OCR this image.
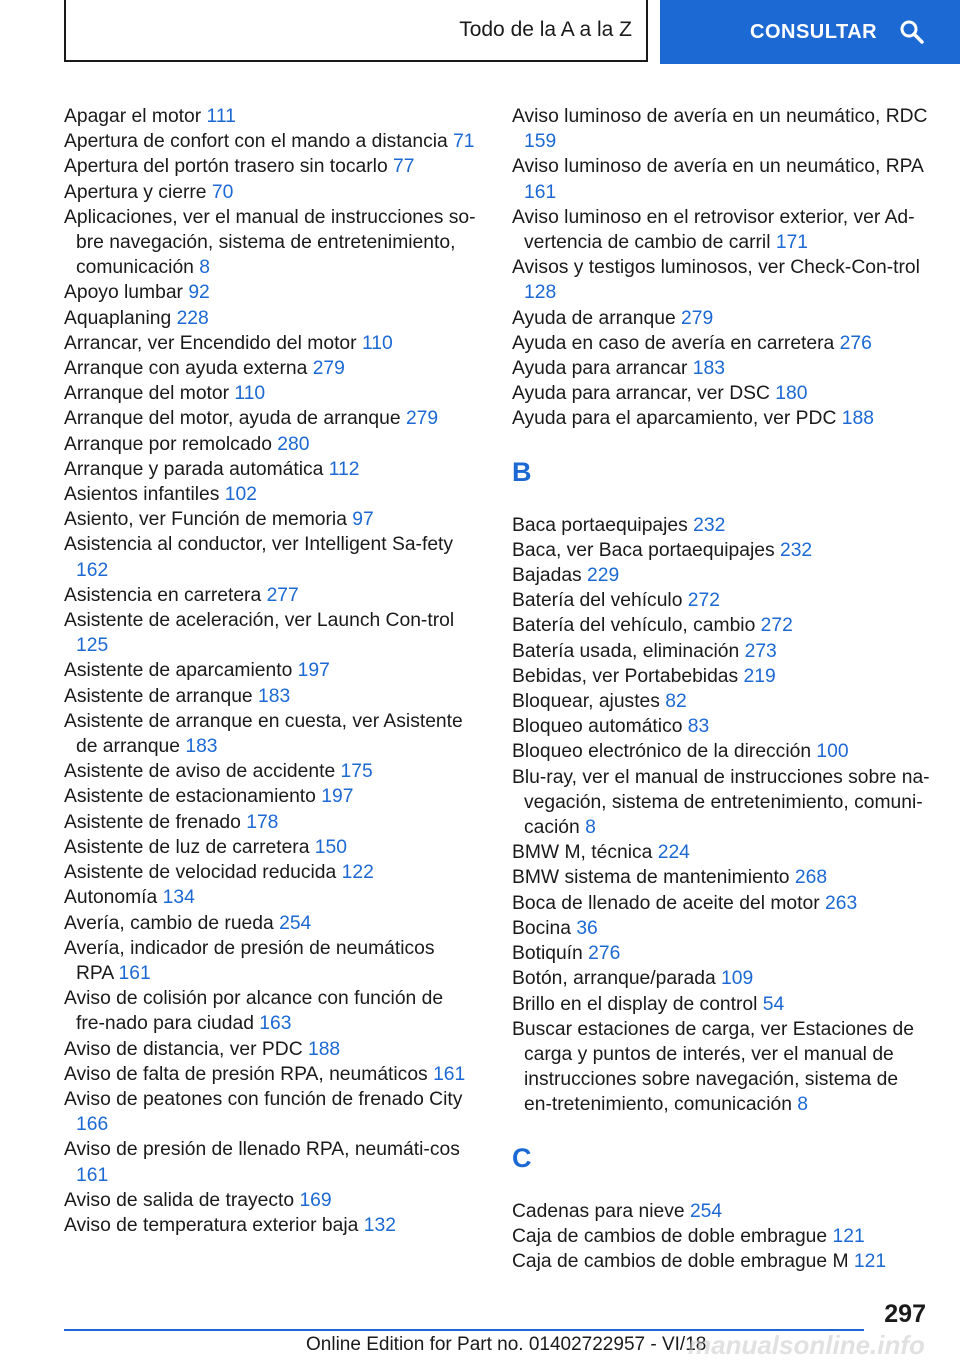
Todo de la A a la Z	CONSULTAR
Apagar el motor 111
Apertura de confort con el mando a distancia 71
Apertura del portón trasero sin tocarlo 77
Apertura y cierre 70
Aplicaciones, ver el manual de instrucciones so-bre navegación, sistema de entretenimiento, comunicación 8
Apoyo lumbar 92
Aquaplaning 228
Arrancar, ver Encendido del motor 110
Arranque con ayuda externa 279
Arranque del motor 110
Arranque del motor, ayuda de arranque 279
Arranque por remolcado 280
Arranque y parada automática 112
Asientos infantiles 102
Asiento, ver Función de memoria 97
Asistencia al conductor, ver Intelligent Sa-fety 162
Asistencia en carretera 277
Asistente de aceleración, ver Launch Con-trol 125
Asistente de aparcamiento 197
Asistente de arranque 183
Asistente de arranque en cuesta, ver Asistente de arranque 183
Asistente de aviso de accidente 175
Asistente de estacionamiento 197
Asistente de frenado 178
Asistente de luz de carretera 150
Asistente de velocidad reducida 122
Autonomía 134
Avería, cambio de rueda 254
Avería, indicador de presión de neumáticos RPA 161
Aviso de colisión por alcance con función de fre-nado para ciudad 163
Aviso de distancia, ver PDC 188
Aviso de falta de presión RPA, neumáticos 161
Aviso de peatones con función de frenado City 166
Aviso de presión de llenado RPA, neumáti-cos 161
Aviso de salida de trayecto 169
Aviso de temperatura exterior baja 132
Aviso luminoso de avería en un neumático, RDC 159
Aviso luminoso de avería en un neumático, RPA 161
Aviso luminoso en el retrovisor exterior, ver Ad-vertencia de cambio de carril 171
Avisos y testigos luminosos, ver Check-Con-trol 128
Ayuda de arranque 279
Ayuda en caso de avería en carretera 276
Ayuda para arrancar 183
Ayuda para arrancar, ver DSC 180
Ayuda para el aparcamiento, ver PDC 188
B
Baca portaequipajes 232
Baca, ver Baca portaequipajes 232
Bajadas 229
Batería del vehículo 272
Batería del vehículo, cambio 272
Batería usada, eliminación 273
Bebidas, ver Portabebidas 219
Bloquear, ajustes 82
Bloqueo automático 83
Bloqueo electrónico de la dirección 100
Blu-ray, ver el manual de instrucciones sobre na-vegación, sistema de entretenimiento, comuni-cación 8
BMW M, técnica 224
BMW sistema de mantenimiento 268
Boca de llenado de aceite del motor 263
Bocina 36
Botiquín 276
Botón, arranque/parada 109
Brillo en el display de control 54
Buscar estaciones de carga, ver Estaciones de carga y puntos de interés, ver el manual de instrucciones sobre navegación, sistema de en-tretenimiento, comunicación 8
C
Cadenas para nieve 254
Caja de cambios de doble embrague 121
Caja de cambios de doble embrague M 121
297
Online Edition for Part no. 01402722957 - VI/18
manualsonline.info
